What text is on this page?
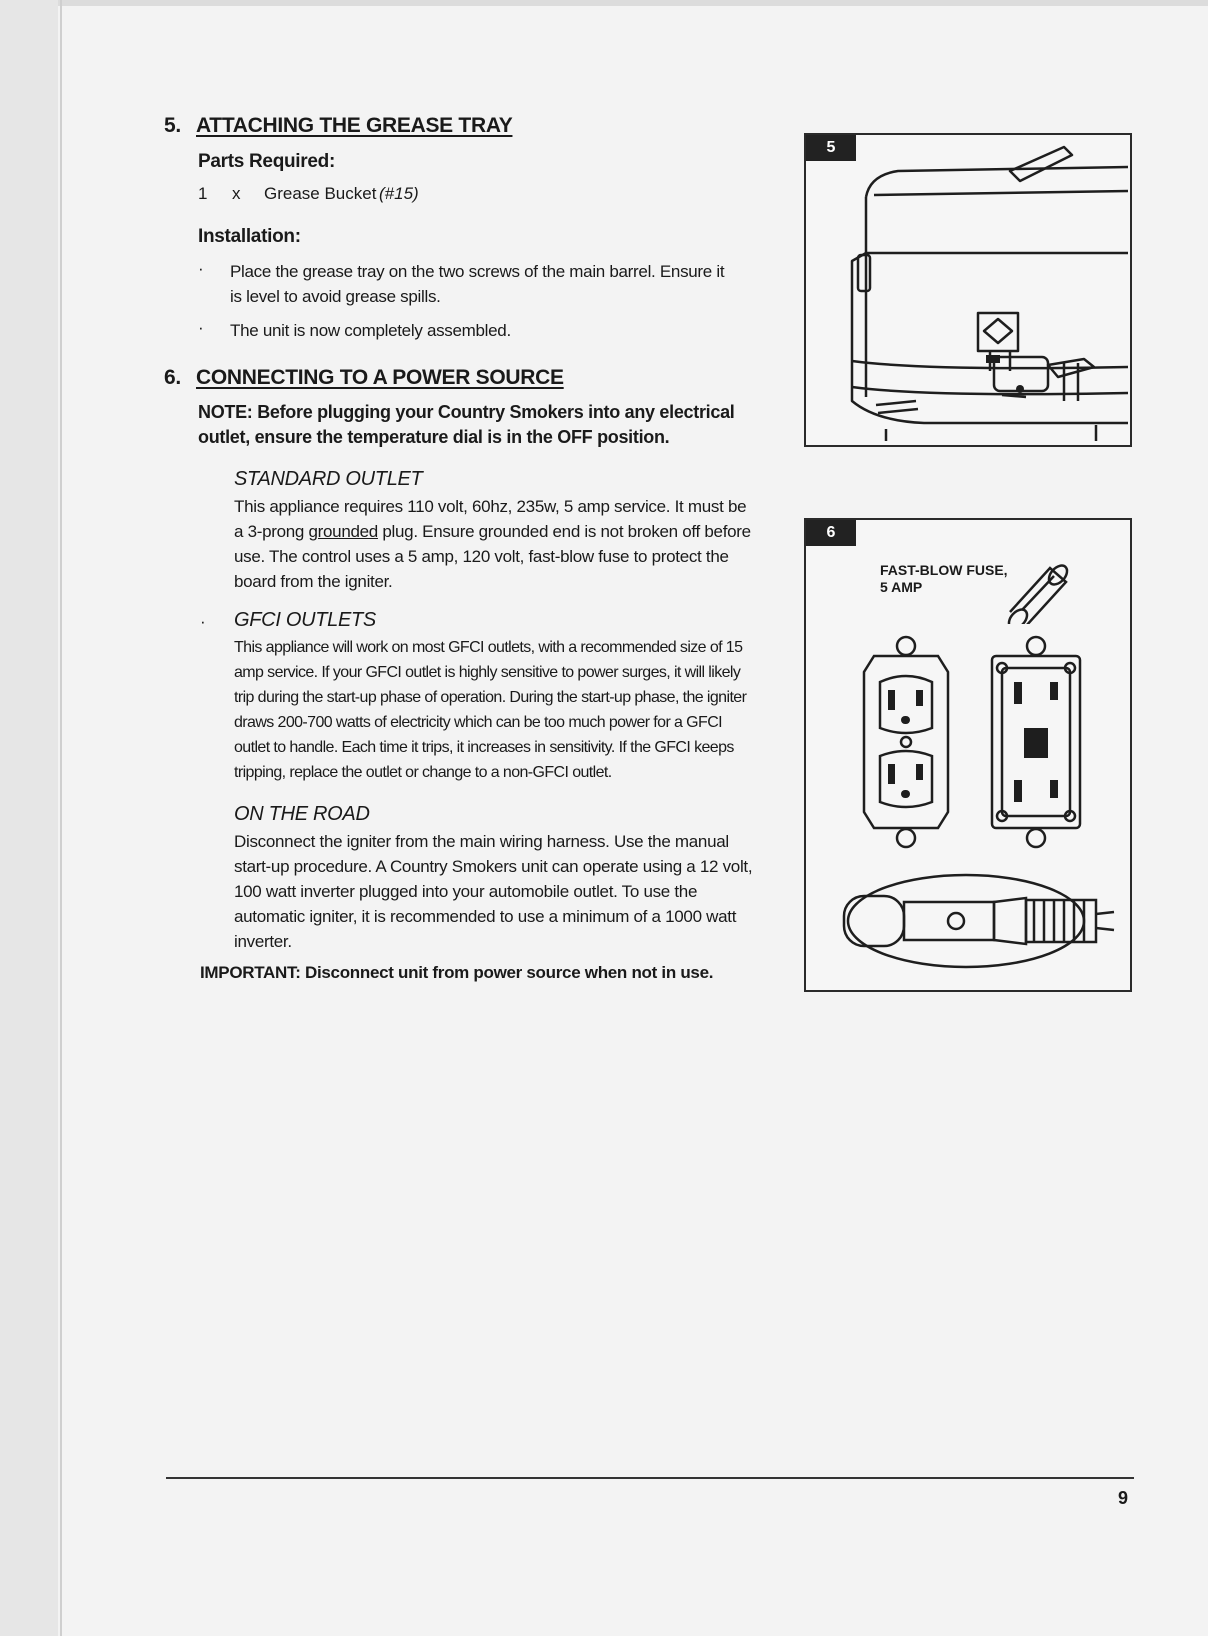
5. ATTACHING THE GREASE TRAY
Parts Required:
1 x Grease Bucket (#15)
Installation:
· Place the grease tray on the two screws of the main barrel. Ensure it is level to avoid grease spills.
· The unit is now completely assembled.
6. CONNECTING TO A POWER SOURCE
NOTE: Before plugging your Country Smokers into any electrical outlet, ensure the temperature dial is in the OFF position.
STANDARD OUTLET
This appliance requires 110 volt, 60hz, 235w, 5 amp service. It must be a 3-prong grounded plug. Ensure grounded end is not broken off before use. The control uses a 5 amp, 120 volt, fast-blow fuse to protect the board from the igniter.
· GFCI OUTLETS
This appliance will work on most GFCI outlets, with a recommended size of 15 amp service. If your GFCI outlet is highly sensitive to power surges, it will likely trip during the start-up phase of operation. During the start-up phase, the igniter draws 200-700 watts of electricity which can be too much power for a GFCI outlet to handle. Each time it trips, it increases in sensitivity. If the GFCI keeps tripping, replace the outlet or change to a non-GFCI outlet.
ON THE ROAD
Disconnect the igniter from the main wiring harness. Use the manual start-up procedure. A Country Smokers unit can operate using a 12 volt, 100 watt inverter plugged into your automobile outlet. To use the automatic igniter, it is recommended to use a minimum of a 1000 watt inverter.
IMPORTANT: Disconnect unit from power source when not in use.
5
6
FAST-BLOW FUSE,
5 AMP
9
